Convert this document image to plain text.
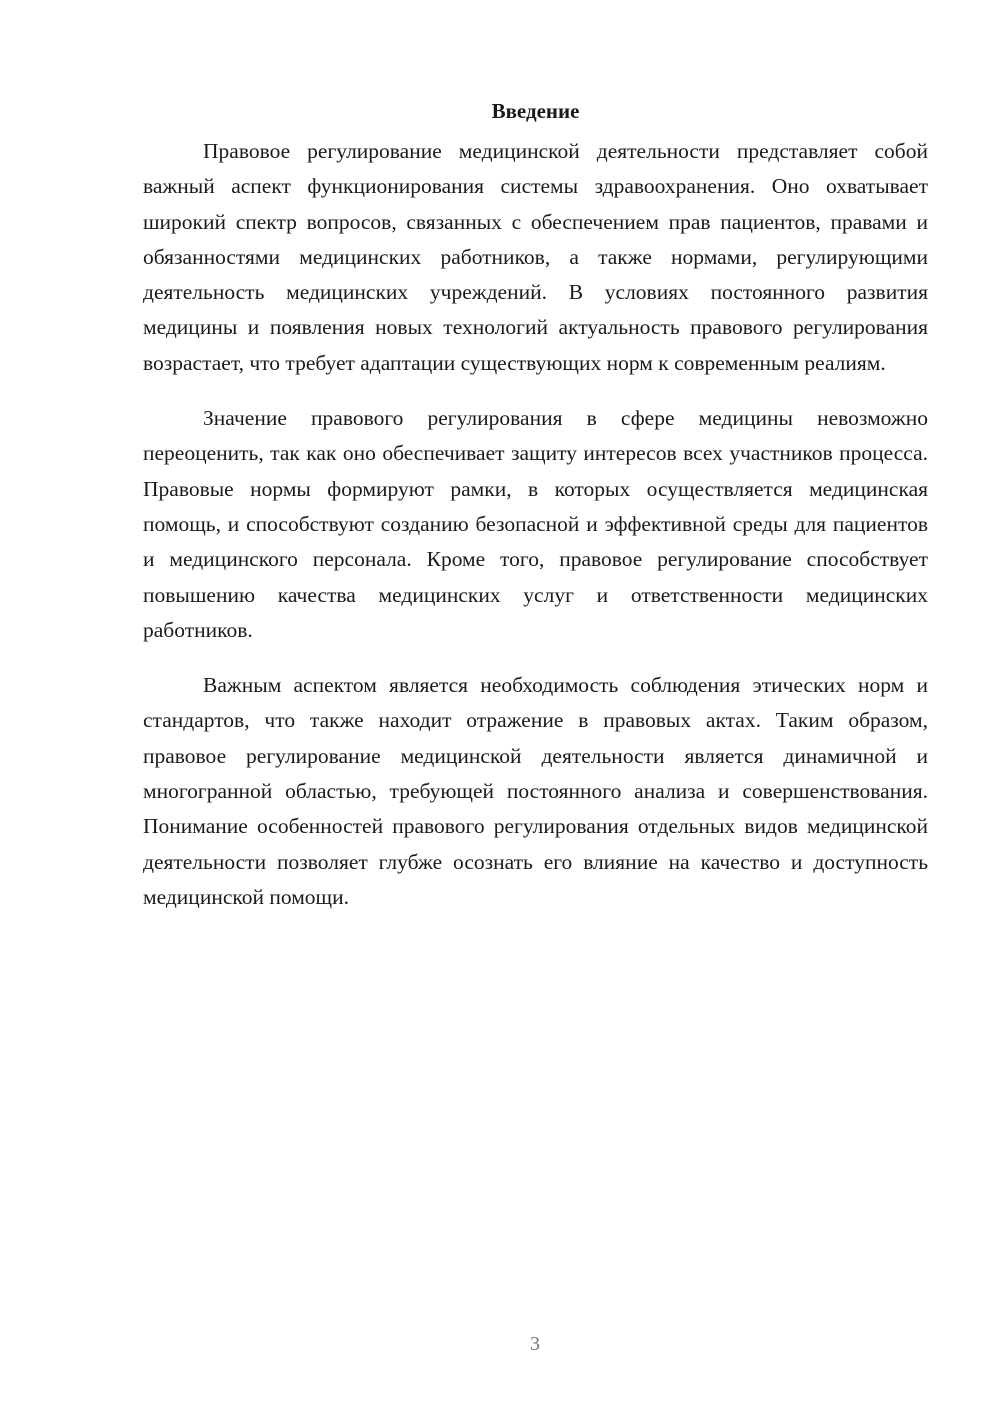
Введение

Правовое регулирование медицинской деятельности представляет собой важный аспект функционирования системы здравоохранения. Оно охватывает широкий спектр вопросов, связанных с обеспечением прав пациентов, правами и обязанностями медицинских работников, а также нормами, регулирующими деятельность медицинских учреждений. В условиях постоянного развития медицины и появления новых технологий актуальность правового регулирования возрастает, что требует адаптации существующих норм к современным реалиям.

Значение правового регулирования в сфере медицины невозможно переоценить, так как оно обеспечивает защиту интересов всех участников процесса. Правовые нормы формируют рамки, в которых осуществляется медицинская помощь, и способствуют созданию безопасной и эффективной среды для пациентов и медицинского персонала. Кроме того, правовое регулирование способствует повышению качества медицинских услуг и ответственности медицинских работников.

Важным аспектом является необходимость соблюдения этических норм и стандартов, что также находит отражение в правовых актах. Таким образом, правовое регулирование медицинской деятельности является динамичной и многогранной областью, требующей постоянного анализа и совершенствования. Понимание особенностей правового регулирования отдельных видов медицинской деятельности позволяет глубже осознать его влияние на качество и доступность медицинской помощи.

3
